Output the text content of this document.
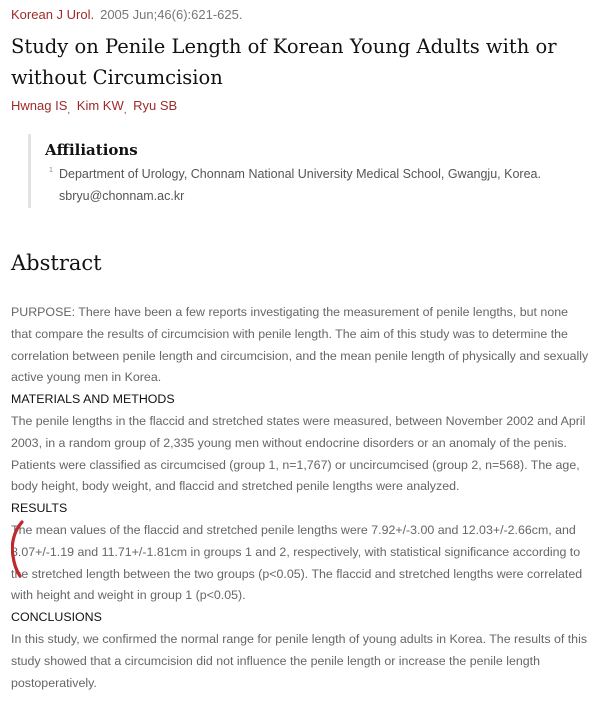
Korean J Urol. 2005 Jun;46(6):621-625.
Study on Penile Length of Korean Young Adults with or without Circumcision
Hwnag $IS_,$ Kim $KW_,$ Ryu SB
Affiliations
1 Department of Urology, Chonnam National University Medical School, Gwangju, Korea.
sbryu@chonnam.ac.kr
Abstract

PURPOSE: There have been a few reports investigating the measurement of penile lengths, but none that compare the results of circumcision with penile length. The aim of this study was to determine the correlation between penile length and circumcision, and the mean penile length of physically and sexually active young men in Korea.

MATERIALS AND METHODS

The penile lengths in the flaccid and stretched states were measured, between November 2002 and April 2003, in a random group of 2,335 young men without endocrine disorders or an anomaly of the penis. Patients were classified as circumcised (group 1, n=1,767) or uncircumcised (group 2, n=568). The age, body height, body weight, and flaccid and stretched penile lengths were analyzed.

RESULTS

The mean values of the flaccid and stretched penile lengths were 7.92+/-3.00 and 12.03+/-2.66cm, and 8.07+/-1.19 and 11.71+/-1.81cm in groups 1 and 2, respectively, with statistical significance according to the stretched length between the two groups (p<0.05). The flaccid and stretched lengths were correlated with height and weight in group 1 (p<0.05).

CONCLUSIONS

In this study, we confirmed the normal range for penile length of young adults in Korea. The results of this study showed that a circumcision did not influence the penile length or increase the penile length postoperatively.
